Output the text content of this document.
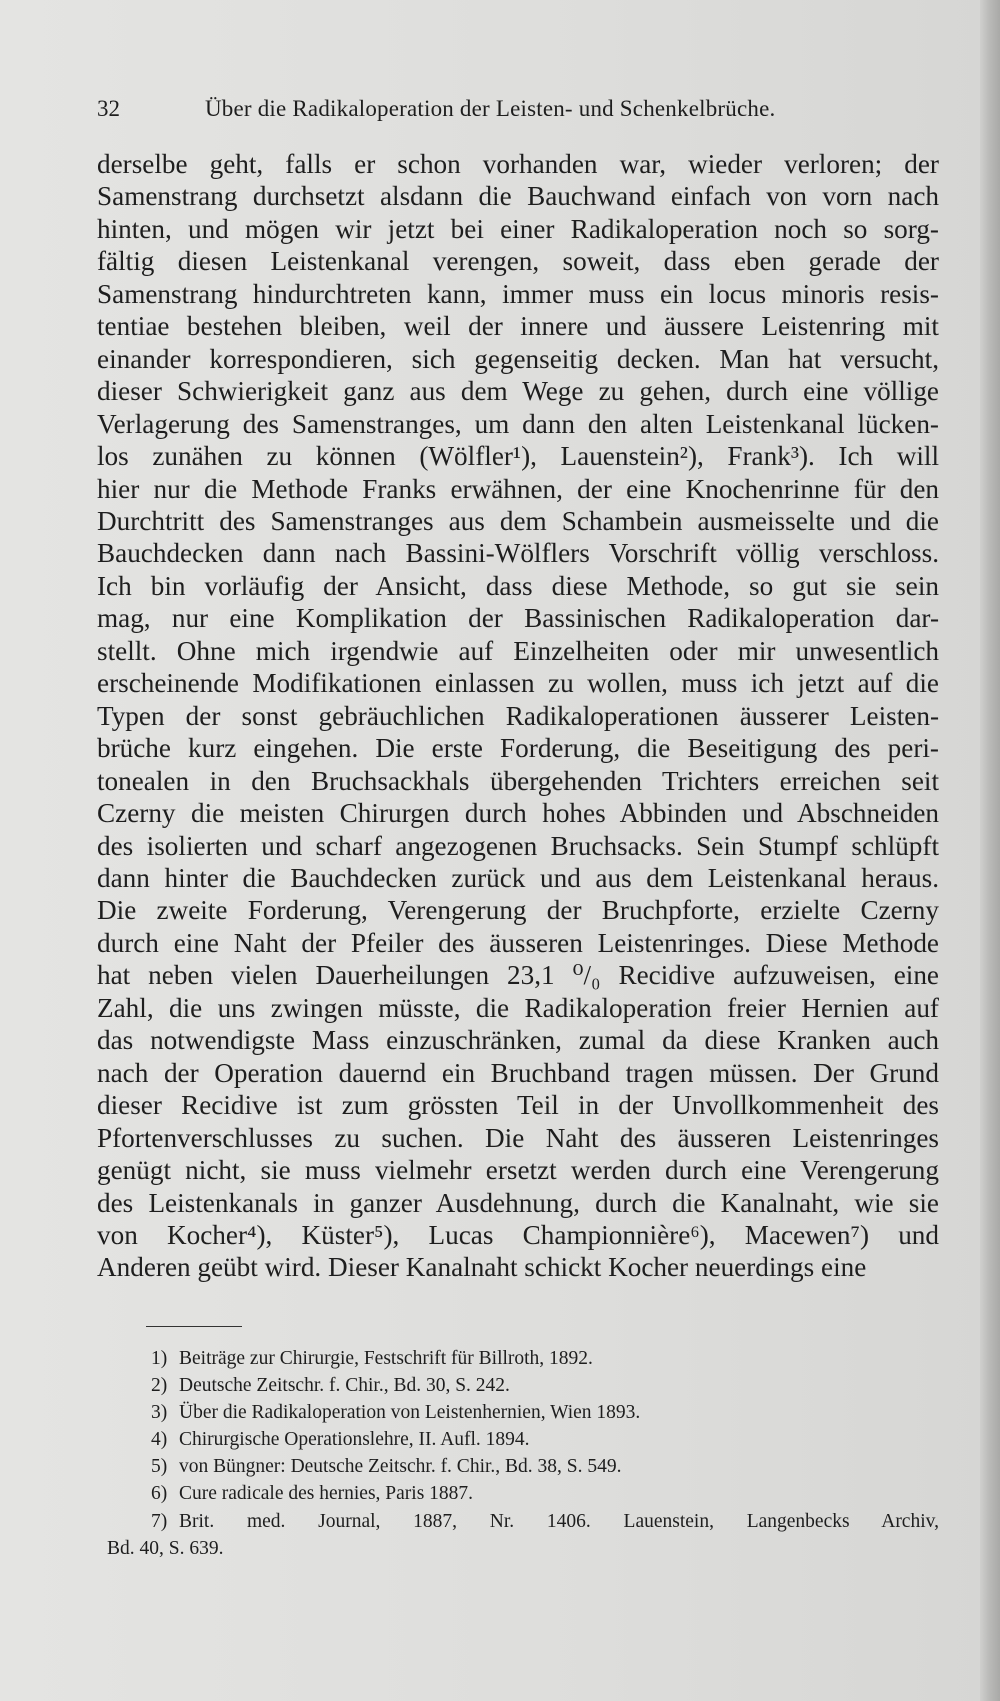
32	Über die Radikaloperation der Leisten- und Schenkelbrüche.
derselbe geht, falls er schon vorhanden war, wieder verloren; der
Samenstrang durchsetzt alsdann die Bauchwand einfach von vorn nach
hinten, und mögen wir jetzt bei einer Radikaloperation noch so sorg-
fältig diesen Leistenkanal verengen, soweit, dass eben gerade der
Samenstrang hindurchtreten kann, immer muss ein locus minoris resis-
tentiae bestehen bleiben, weil der innere und äussere Leistenring mit
einander korrespondieren, sich gegenseitig decken. Man hat versucht,
dieser Schwierigkeit ganz aus dem Wege zu gehen, durch eine völlige
Verlagerung des Samenstranges, um dann den alten Leistenkanal lücken-
los zunähen zu können (Wölfler¹), Lauenstein²), Frank³). Ich will
hier nur die Methode Franks erwähnen, der eine Knochenrinne für den
Durchtritt des Samenstranges aus dem Schambein ausmeisselte und die
Bauchdecken dann nach Bassini-Wölflers Vorschrift völlig verschloss.
Ich bin vorläufig der Ansicht, dass diese Methode, so gut sie sein
mag, nur eine Komplikation der Bassinischen Radikaloperation dar-
stellt. Ohne mich irgendwie auf Einzelheiten oder mir unwesentlich
erscheinende Modifikationen einlassen zu wollen, muss ich jetzt auf die
Typen der sonst gebräuchlichen Radikaloperationen äusserer Leisten-
brüche kurz eingehen. Die erste Forderung, die Beseitigung des peri-
tonealen in den Bruchsackhals übergehenden Trichters erreichen seit
Czerny die meisten Chirurgen durch hohes Abbinden und Abschneiden
des isolierten und scharf angezogenen Bruchsacks. Sein Stumpf schlüpft
dann hinter die Bauchdecken zurück und aus dem Leistenkanal heraus.
Die zweite Forderung, Verengerung der Bruchpforte, erzielte Czerny
durch eine Naht der Pfeiler des äusseren Leistenringes. Diese Methode
hat neben vielen Dauerheilungen 23,1 ⁰/₀ Recidive aufzuweisen, eine
Zahl, die uns zwingen müsste, die Radikaloperation freier Hernien auf
das notwendigste Mass einzuschränken, zumal da diese Kranken auch
nach der Operation dauernd ein Bruchband tragen müssen. Der Grund
dieser Recidive ist zum grössten Teil in der Unvollkommenheit des
Pfortenverschlusses zu suchen. Die Naht des äusseren Leistenringes
genügt nicht, sie muss vielmehr ersetzt werden durch eine Verengerung
des Leistenkanals in ganzer Ausdehnung, durch die Kanalnaht, wie sie
von Kocher⁴), Küster⁵), Lucas Championnière⁶), Macewen⁷) und
Anderen geübt wird. Dieser Kanalnaht schickt Kocher neuerdings eine
1) Beiträge zur Chirurgie, Festschrift für Billroth, 1892.
2) Deutsche Zeitschr. f. Chir., Bd. 30, S. 242.
3) Über die Radikaloperation von Leistenhernien, Wien 1893.
4) Chirurgische Operationslehre, II. Aufl. 1894.
5) von Büngner: Deutsche Zeitschr. f. Chir., Bd. 38, S. 549.
6) Cure radicale des hernies, Paris 1887.
7) Brit. med. Journal, 1887, Nr. 1406. Lauenstein, Langenbecks Archiv,
Bd. 40, S. 639.
